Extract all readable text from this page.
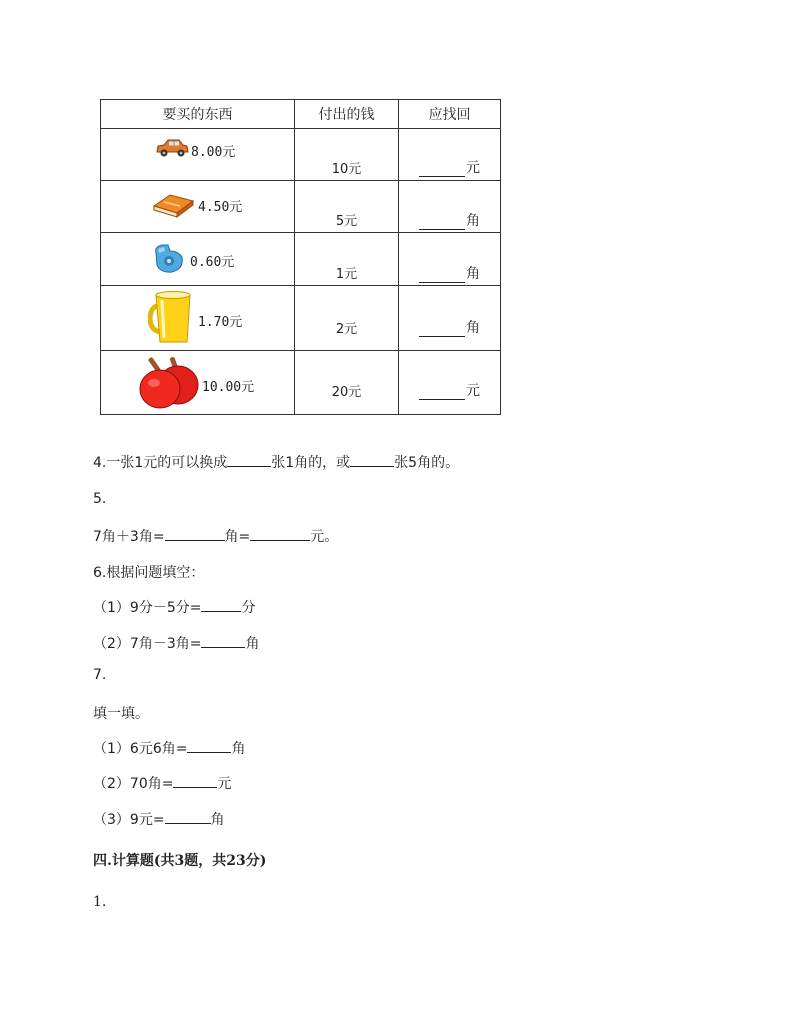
要买的东西	付出的钱	应找回

8.00元	10元	元

4.50元	5元	角

0.60元	1元	角

1.70元	2元	角

10.00元	20元	元
4.一张1元的可以换成	张1角的，或	张5角的。
5.
7角＋3角=	角=	元。
6.根据问题填空：
（1）9分－5分=	分
（2）7角－3角=	角
7.
填一填。
（1）6元6角=	角
（2）70角=	元
（3）9元=	角
四.计算题(共3题，共23分)
1.
